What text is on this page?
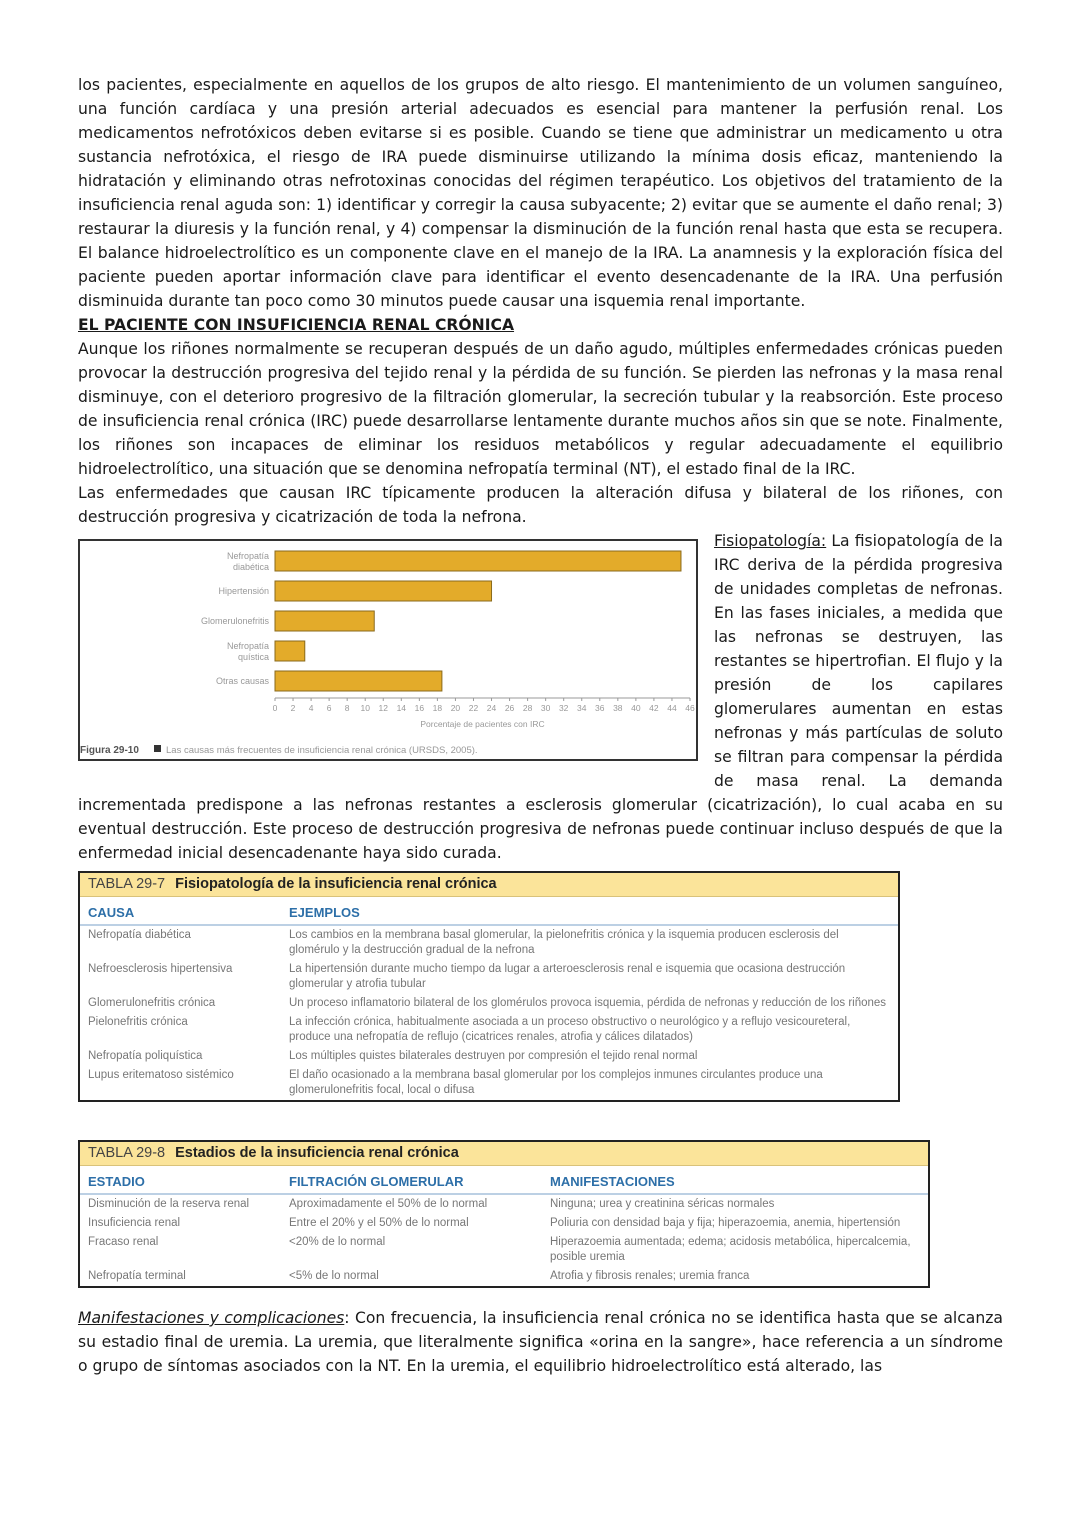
los pacientes, especialmente en aquellos de los grupos de alto riesgo. El mantenimiento de un volumen sanguíneo, una función cardíaca y una presión arterial adecuados es esencial para mantener la perfusión renal. Los medicamentos nefrotóxicos deben evitarse si es posible. Cuando se tiene que administrar un medicamento u otra sustancia nefrotóxica, el riesgo de IRA puede disminuirse utilizando la mínima dosis eficaz, manteniendo la hidratación y eliminando otras nefrotoxinas conocidas del régimen terapéutico. Los objetivos del tratamiento de la insuficiencia renal aguda son: 1) identificar y corregir la causa subyacente; 2) evitar que se aumente el daño renal; 3) restaurar la diuresis y la función renal, y 4) compensar la disminución de la función renal hasta que esta se recupera. El balance hidroelectrolítico es un componente clave en el manejo de la IRA. La anamnesis y la exploración física del paciente pueden aportar información clave para identificar el evento desencadenante de la IRA. Una perfusión disminuida durante tan poco como 30 minutos puede causar una isquemia renal importante.

EL PACIENTE CON INSUFICIENCIA RENAL CRÓNICA

Aunque los riñones normalmente se recuperan después de un daño agudo, múltiples enfermedades crónicas pueden provocar la destrucción progresiva del tejido renal y la pérdida de su función. Se pierden las nefronas y la masa renal disminuye, con el deterioro progresivo de la filtración glomerular, la secreción tubular y la reabsorción. Este proceso de insuficiencia renal crónica (IRC) puede desarrollarse lentamente durante muchos años sin que se note. Finalmente, los riñones son incapaces de eliminar los residuos metabólicos y regular adecuadamente el equilibrio hidroelectrolítico, una situación que se denomina nefropatía terminal (NT), el estado final de la IRC.

Las enfermedades que causan IRC típicamente producen la alteración difusa y bilateral de los riñones, con destrucción progresiva y cicatrización de toda la nefrona.

Nefropatía
diabética
Hipertensión
Glomerulonefritis
Nefropatía
quística
Otras causas
0 2 4 6 8 10 12 14 16 18 20 22 24 26 28 30 32 34 36 38 40 42 44 46
Porcentaje de pacientes con IRC
Figura 29-10	Las causas más frecuentes de insuficiencia renal crónica (URSDS, 2005).

Fisiopatología: La fisiopatología de la IRC deriva de la pérdida progresiva de unidades completas de nefronas. En las fases iniciales, a medida que las nefronas se destruyen, las restantes se hipertrofian. El flujo y la presión de los capilares glomerulares aumentan en estas nefronas y más partículas de soluto se filtran para compensar la pérdida de masa renal. La demanda incrementada predispone a las nefronas restantes a esclerosis glomerular (cicatrización), lo cual acaba en su eventual destrucción. Este proceso de destrucción progresiva de nefronas puede continuar incluso después de que la enfermedad inicial desencadenante haya sido curada.

TABLA 29-7 Fisiopatología de la insuficiencia renal crónica
CAUSA	EJEMPLOS
Nefropatía diabética	Los cambios en la membrana basal glomerular, la pielonefritis crónica y la isquemia producen esclerosis del glomérulo y la destrucción gradual de la nefrona
Nefroesclerosis hipertensiva	La hipertensión durante mucho tiempo da lugar a arteroesclerosis renal e isquemia que ocasiona destrucción glomerular y atrofia tubular
Glomerulonefritis crónica	Un proceso inflamatorio bilateral de los glomérulos provoca isquemia, pérdida de nefronas y reducción de los riñones
Pielonefritis crónica	La infección crónica, habitualmente asociada a un proceso obstructivo o neurológico y a reflujo vesicoureteral, produce una nefropatía de reflujo (cicatrices renales, atrofia y cálices dilatados)
Nefropatía poliquística	Los múltiples quistes bilaterales destruyen por compresión el tejido renal normal
Lupus eritematoso sistémico	El daño ocasionado a la membrana basal glomerular por los complejos inmunes circulantes produce una glomerulonefritis focal, local o difusa
TABLA 29-8 Estadios de la insuficiencia renal crónica
ESTADIO	FILTRACIÓN GLOMERULAR	MANIFESTACIONES
Disminución de la reserva renal	Aproximadamente el 50% de lo normal	Ninguna; urea y creatinina séricas normales
Insuficiencia renal	Entre el 20% y el 50% de lo normal	Poliuria con densidad baja y fija; hiperazoemia, anemia, hipertensión
Fracaso renal	<20% de lo normal	Hiperazoemia aumentada; edema; acidosis metabólica, hipercalcemia, posible uremia
Nefropatía terminal	<5% de lo normal	Atrofia y fibrosis renales; uremia franca

Manifestaciones y complicaciones: Con frecuencia, la insuficiencia renal crónica no se identifica hasta que se alcanza su estadio final de uremia. La uremia, que literalmente significa «orina en la sangre», hace referencia a un síndrome o grupo de síntomas asociados con la NT. En la uremia, el equilibrio hidroelectrolítico está alterado, las
